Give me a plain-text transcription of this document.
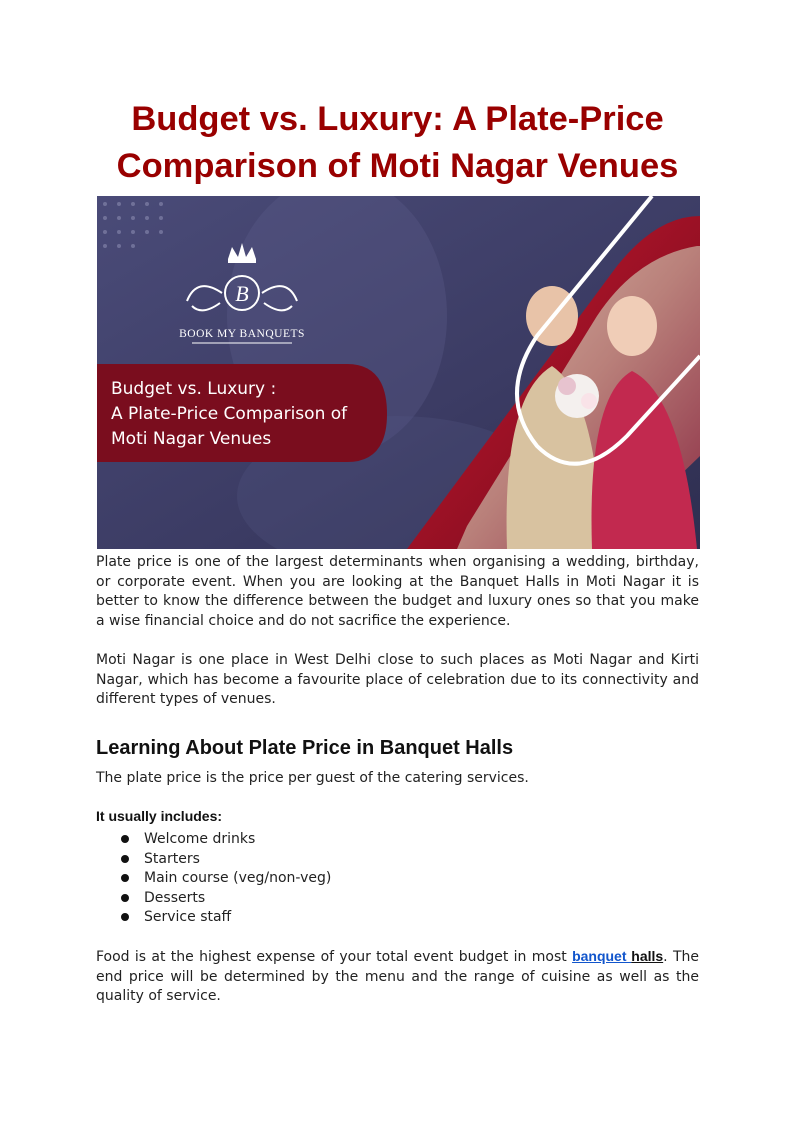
Budget vs. Luxury: A Plate-Price Comparison of Moti Nagar Venues
B
BOOK MY BANQUETS
Budget vs. Luxury :
A Plate-Price Comparison of
Moti Nagar Venues

Plate price is one of the largest determinants when organising a wedding, birthday, or corporate event. When you are looking at the Banquet Halls in Moti Nagar it is better to know the difference between the budget and luxury ones so that you make a wise financial choice and do not sacrifice the experience.

Moti Nagar is one place in West Delhi close to such places as Moti Nagar and Kirti Nagar, which has become a favourite place of celebration due to its connectivity and different types of venues.

Learning About Plate Price in Banquet Halls

The plate price is the price per guest of the catering services.

It usually includes:

Welcome drinks
Starters
Main course (veg/non-veg)
Desserts
Service staff

Food is at the highest expense of your total event budget in most banquet halls. The end price will be determined by the menu and the range of cuisine as well as the quality of service.
